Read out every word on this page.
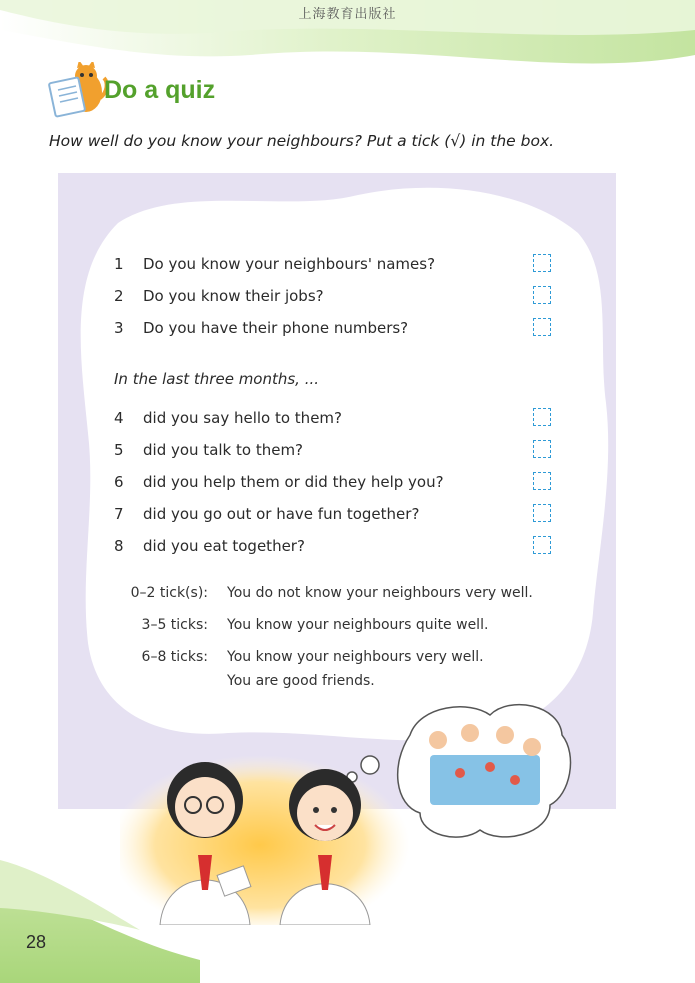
上海教育出版社
Do a quiz
How well do you know your neighbours? Put a tick (√) in the box.
1	Do you know your neighbours' names?
2	Do you know their jobs?
3	Do you have their phone numbers?
In the last three months, ...
4	did you say hello to them?
5	did you talk to them?
6	did you help them or did they help you?
7	did you go out or have fun together?
8	did you eat together?
0–2 tick(s): You do not know your neighbours very well.
3–5 ticks: You know your neighbours quite well.
6–8 ticks: You know your neighbours very well.
You are good friends.
28
